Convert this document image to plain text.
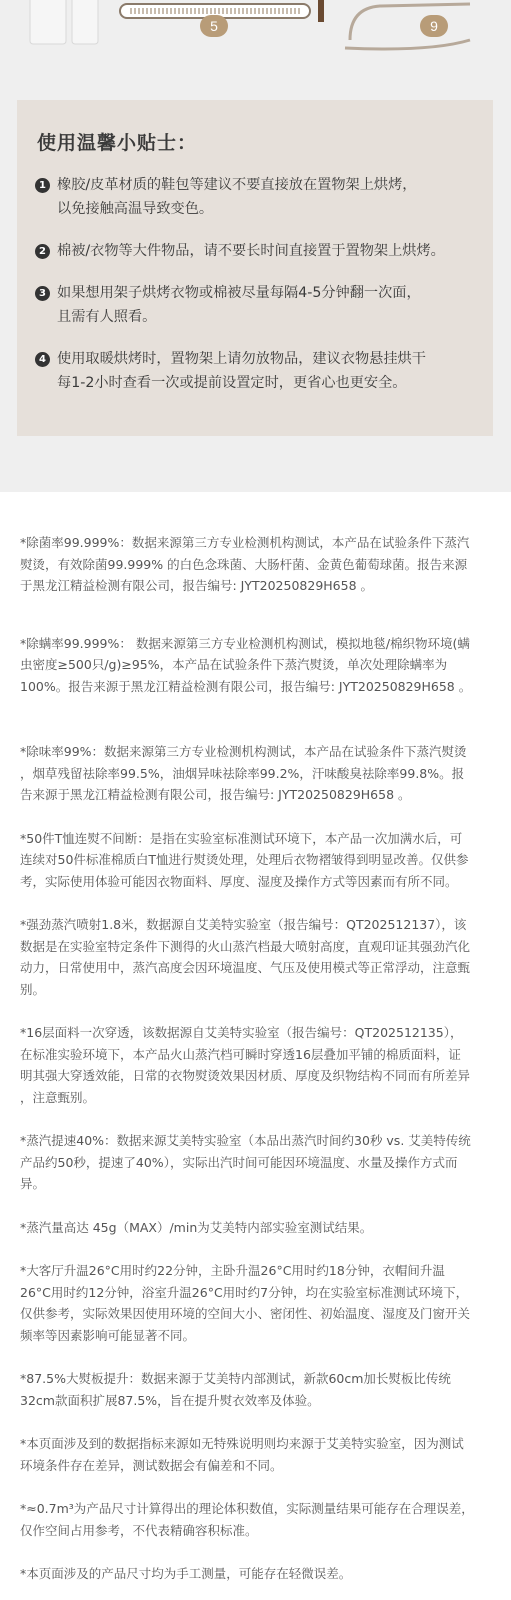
5	9
使用温馨小贴士：
1 橡胶/皮革材质的鞋包等建议不要直接放在置物架上烘烤，
以免接触高温导致变色。
2 棉被/衣物等大件物品，请不要长时间直接置于置物架上烘烤。
3 如果想用架子烘烤衣物或棉被尽量每隔4-5分钟翻一次面，
且需有人照看。
4 使用取暖烘烤时，置物架上请勿放物品，建议衣物悬挂烘干
每1-2小时查看一次或提前设置定时，更省心也更安全。
*除菌率99.999%：数据来源第三方专业检测机构测试，本产品在试验条件下蒸汽
熨烫，有效除菌99.999% 的白色念珠菌、大肠杆菌、金黄色葡萄球菌。报告来源
于黑龙江精益检测有限公司，报告编号: JYT20250829H658 。
*除螨率99.999%： 数据来源第三方专业检测机构测试，模拟地毯/棉织物环境(螨
虫密度≥500只/g)≥95%，本产品在试验条件下蒸汽熨烫，单次处理除螨率为
100%。报告来源于黑龙江精益检测有限公司，报告编号: JYT20250829H658 。
*除味率99%：数据来源第三方专业检测机构测试，本产品在试验条件下蒸汽熨烫
，烟草残留祛除率99.5%，油烟异味祛除率99.2%，汗味酸臭祛除率99.8%。报
告来源于黑龙江精益检测有限公司，报告编号: JYT20250829H658 。
*50件T恤连熨不间断：是指在实验室标准测试环境下，本产品一次加满水后，可
连续对50件标准棉质白T恤进行熨烫处理，处理后衣物褶皱得到明显改善。仅供参
考，实际使用体验可能因衣物面料、厚度、湿度及操作方式等因素而有所不同。
*强劲蒸汽喷射1.8米，数据源自艾美特实验室（报告编号：QT202512137），该
数据是在实验室特定条件下测得的火山蒸汽档最大喷射高度，直观印证其强劲汽化
动力，日常使用中，蒸汽高度会因环境温度、气压及使用模式等正常浮动，注意甄
别。
*16层面料一次穿透，该数据源自艾美特实验室（报告编号：QT202512135），
在标准实验环境下，本产品火山蒸汽档可瞬时穿透16层叠加平铺的棉质面料，证
明其强大穿透效能，日常的衣物熨烫效果因材质、厚度及织物结构不同而有所差异
，注意甄别。
*蒸汽提速40%：数据来源艾美特实验室（本品出蒸汽时间约30秒 vs. 艾美特传统
产品约50秒，提速了40%），实际出汽时间可能因环境温度、水量及操作方式而
异。
*蒸汽量高达 45g（MAX）/min为艾美特内部实验室测试结果。
*大客厅升温26°C用时约22分钟，主卧升温26°C用时约18分钟，衣帽间升温
26°C用时约12分钟，浴室升温26°C用时约7分钟，均在实验室标准测试环境下，
仅供参考，实际效果因使用环境的空间大小、密闭性、初始温度、湿度及门窗开关
频率等因素影响可能显著不同。
*87.5%大熨板提升：数据来源于艾美特内部测试，新款60cm加长熨板比传统
32cm款面积扩展87.5%，旨在提升熨衣效率及体验。
*本页面涉及到的数据指标来源如无特殊说明则均来源于艾美特实验室，因为测试
环境条件存在差异，测试数据会有偏差和不同。
*≈0.7m³为产品尺寸计算得出的理论体积数值，实际测量结果可能存在合理误差，
仅作空间占用参考，不代表精确容积标准。
*本页面涉及的产品尺寸均为手工测量，可能存在轻微误差。
